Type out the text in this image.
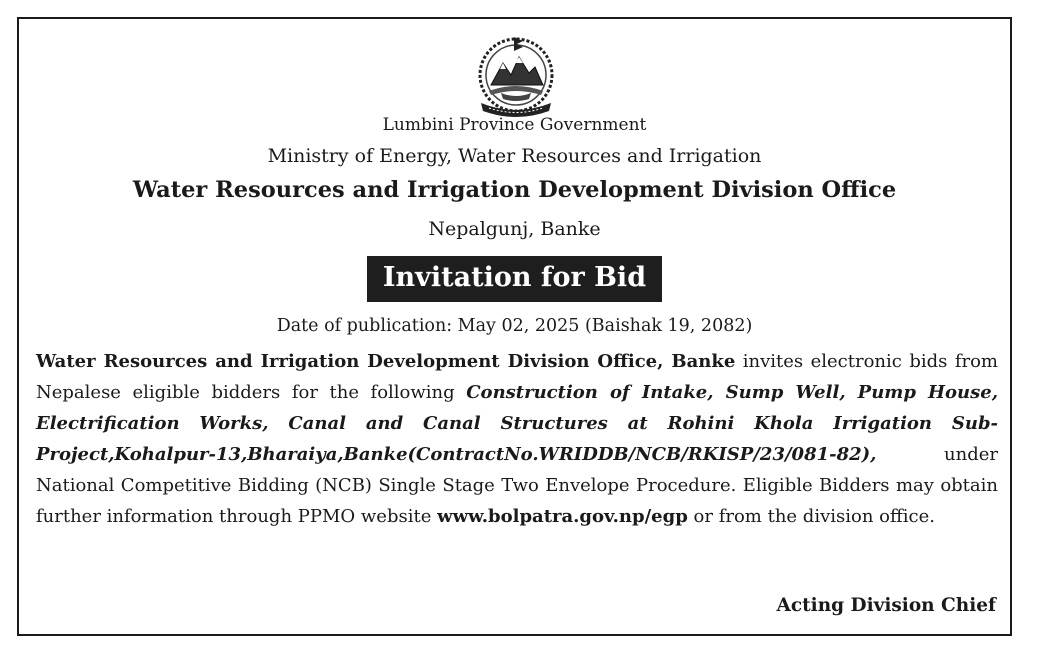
Lumbini Province Government
Ministry of Energy, Water Resources and Irrigation
Water Resources and Irrigation Development Division Office
Nepalgunj, Banke
Invitation for Bid
Date of publication: May 02, 2025 (Baishak 19, 2082)
Water Resources and Irrigation Development Division Office, Banke invites electronic bids from Nepalese eligible bidders for the following Construction of Intake, Sump Well, Pump House, Electrification Works, Canal and Canal Structures at Rohini Khola Irrigation Sub-Project,Kohalpur-13,Bharaiya,Banke(ContractNo.WRIDDB/NCB/RKISP/23/081-82), under National Competitive Bidding (NCB) Single Stage Two Envelope Procedure. Eligible Bidders may obtain further information through PPMO website www.bolpatra.gov.np/egp or from the division office.
Acting Division Chief
